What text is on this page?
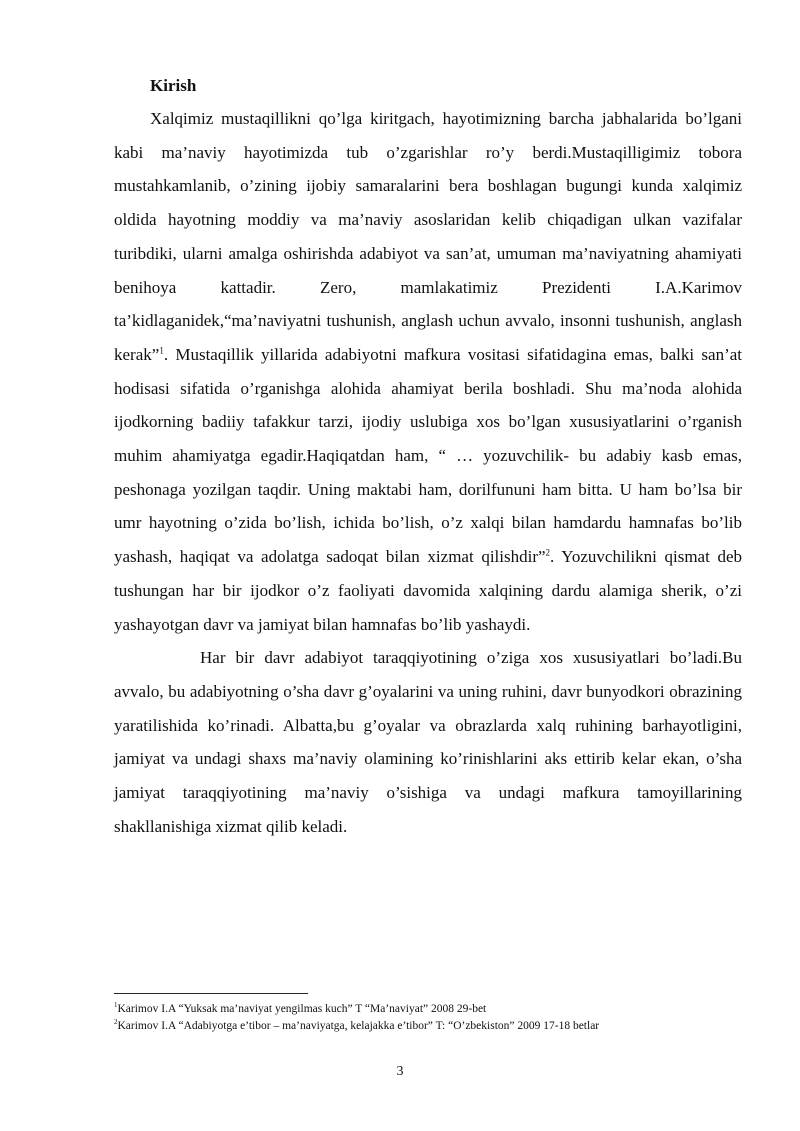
Kirish

Xalqimiz mustaqillikni qo’lga kiritgach, hayotimizning barcha jabhalarida bo’lgani kabi ma’naviy hayotimizda tub o’zgarishlar ro’y berdi.Mustaqilligimiz tobora mustahkamlanib, o’zining ijobiy samaralarini bera boshlagan bugungi kunda xalqimiz oldida hayotning moddiy va ma’naviy asoslaridan kelib chiqadigan ulkan vazifalar turibdiki, ularni amalga oshirishda adabiyot va san’at, umuman ma’naviyatning ahamiyati benihoya kattadir. Zero, mamlakatimiz Prezidenti I.A.Karimov ta’kidlaganidek,“ma’naviyatni tushunish, anglash uchun avvalo, insonni tushunish, anglash kerak”$^1$. Mustaqillik yillarida adabiyotni mafkura vositasi sifatidagina emas, balki san’at hodisasi sifatida o’rganishga alohida ahamiyat berila boshladi. Shu ma’noda alohida ijodkorning badiiy tafakkur tarzi, ijodiy uslubiga xos bo’lgan xususiyatlarini o’rganish muhim ahamiyatga egadir.Haqiqatdan ham, “ … yozuvchilik- bu adabiy kasb emas, peshonaga yozilgan taqdir. Uning maktabi ham, dorilfununi ham bitta. U ham bo’lsa bir umr hayotning o’zida bo’lish, ichida bo’lish, o’z xalqi bilan hamdardu hamnafas bo’lib yashash, haqiqat va adolatga sadoqat bilan xizmat qilishdir”$^2$. Yozuvchilikni qismat deb tushungan har bir ijodkor o’z faoliyati davomida xalqining dardu alamiga sherik, o’zi yashayotgan davr va jamiyat bilan hamnafas bo’lib yashaydi.

Har bir davr adabiyot taraqqiyotining o’ziga xos xususiyatlari bo’ladi.Bu avvalo, bu adabiyotning o’sha davr g’oyalarini va uning ruhini, davr bunyodkori obrazining yaratilishida ko’rinadi. Albatta,bu g’oyalar va obrazlarda xalq ruhining barhayotligini, jamiyat va undagi shaxs ma’naviy olamining ko’rinishlarini aks ettirib kelar ekan, o’sha jamiyat taraqqiyotining ma’naviy o’sishiga va undagi mafkura tamoyillarining shakllanishiga xizmat qilib keladi.

$^1$Karimov I.A “Yuksak ma’naviyat yengilmas kuch” T “Ma’naviyat” 2008 29-bet
$^2$Karimov I.A “Adabiyotga e’tibor – ma’naviyatga, kelajakka e’tibor” T: “O’zbekiston” 2009 17-18 betlar
3
